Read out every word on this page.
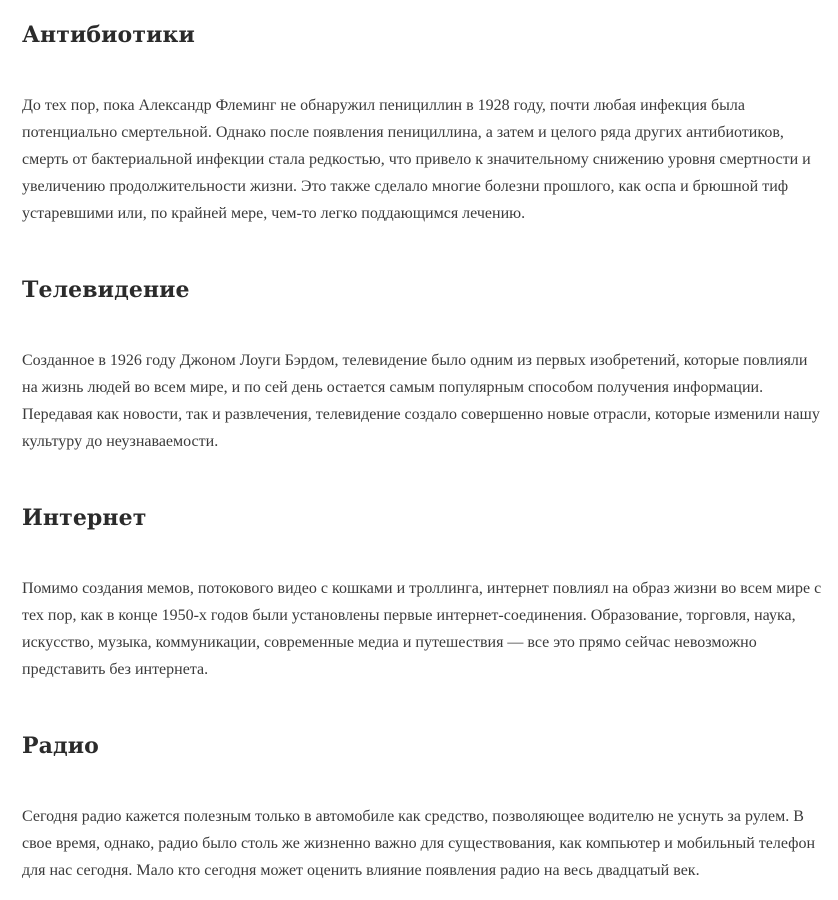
Антибиотики

До тех пор, пока Александр Флеминг не обнаружил пенициллин в 1928 году, почти любая инфекция была потенциально смертельной. Однако после появления пенициллина, а затем и целого ряда других антибиотиков, смерть от бактериальной инфекции стала редкостью, что привело к значительному снижению уровня смертности и увеличению продолжительности жизни. Это также сделало многие болезни прошлого, как оспа и брюшной тиф устаревшими или, по крайней мере, чем-то легко поддающимся лечению.

Телевидение

Созданное в 1926 году Джоном Лоуги Бэрдом, телевидение было одним из первых изобретений, которые повлияли на жизнь людей во всем мире, и по сей день остается самым популярным способом получения информации. Передавая как новости, так и развлечения, телевидение создало совершенно новые отрасли, которые изменили нашу культуру до неузнаваемости.

Интернет

Помимо создания мемов, потокового видео с кошками и троллинга, интернет повлиял на образ жизни во всем мире с тех пор, как в конце 1950-х годов были установлены первые интернет-соединения. Образование, торговля, наука, искусство, музыка, коммуникации, современные медиа и путешествия — все это прямо сейчас невозможно представить без интернета.

Радио

Сегодня радио кажется полезным только в автомобиле как средство, позволяющее водителю не уснуть за рулем. В свое время, однако, радио было столь же жизненно важно для существования, как компьютер и мобильный телефон для нас сегодня. Мало кто сегодня может оценить влияние появления радио на весь двадцатый век.
